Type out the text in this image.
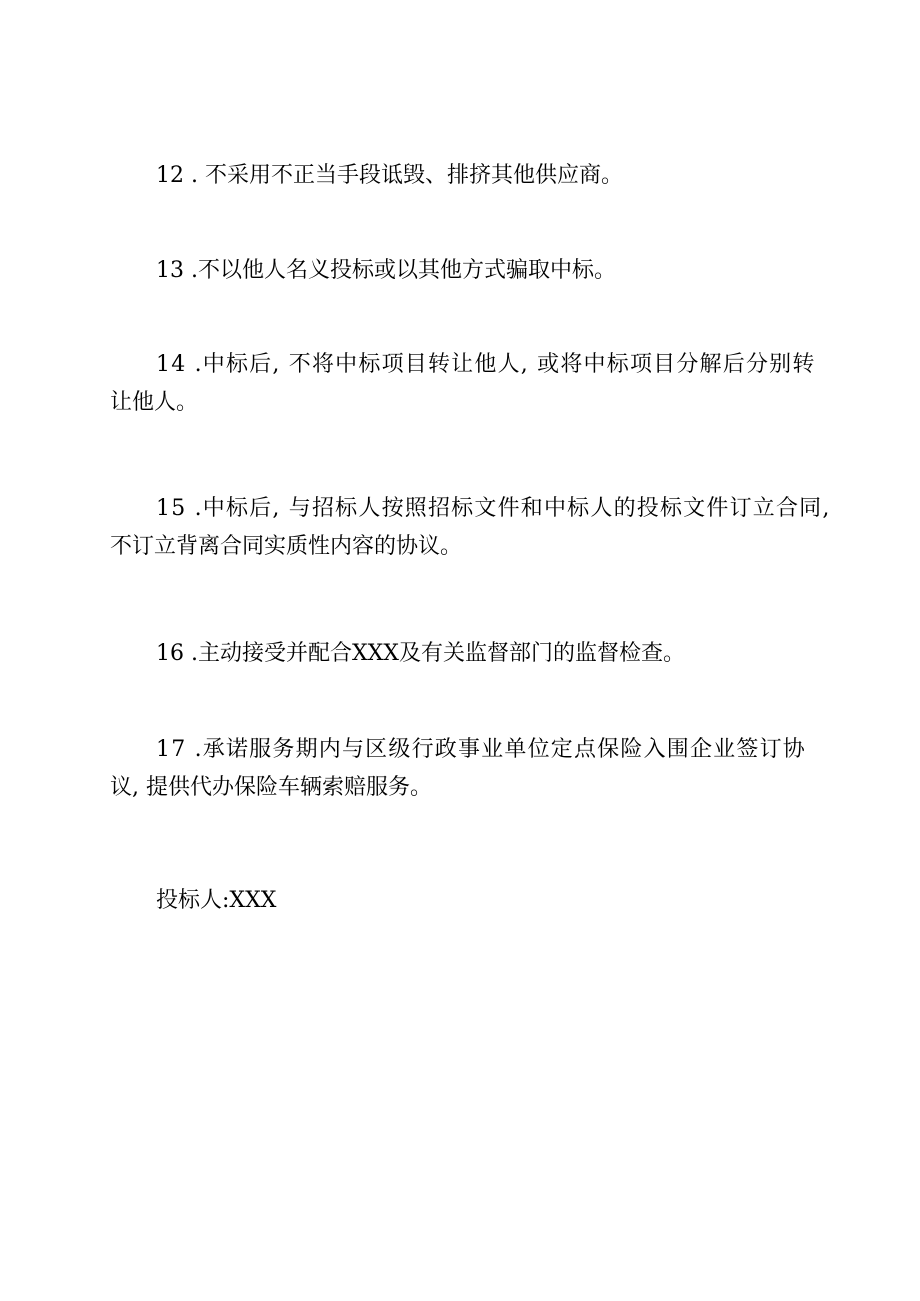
12 . 不采用不正当手段诋毁、排挤其他供应商。

13 .不以他人名义投标或以其他方式骗取中标。

14 .中标后, 不将中标项目转让他人, 或将中标项目分解后分别转
让他人。

15 .中标后, 与招标人按照招标文件和中标人的投标文件订立合同,
不订立背离合同实质性内容的协议。

16 .主动接受并配合XXX及有关监督部门的监督检查。

17 .承诺服务期内与区级行政事业单位定点保险入围企业签订协
议, 提供代办保险车辆索赔服务。

投标人:XXX
